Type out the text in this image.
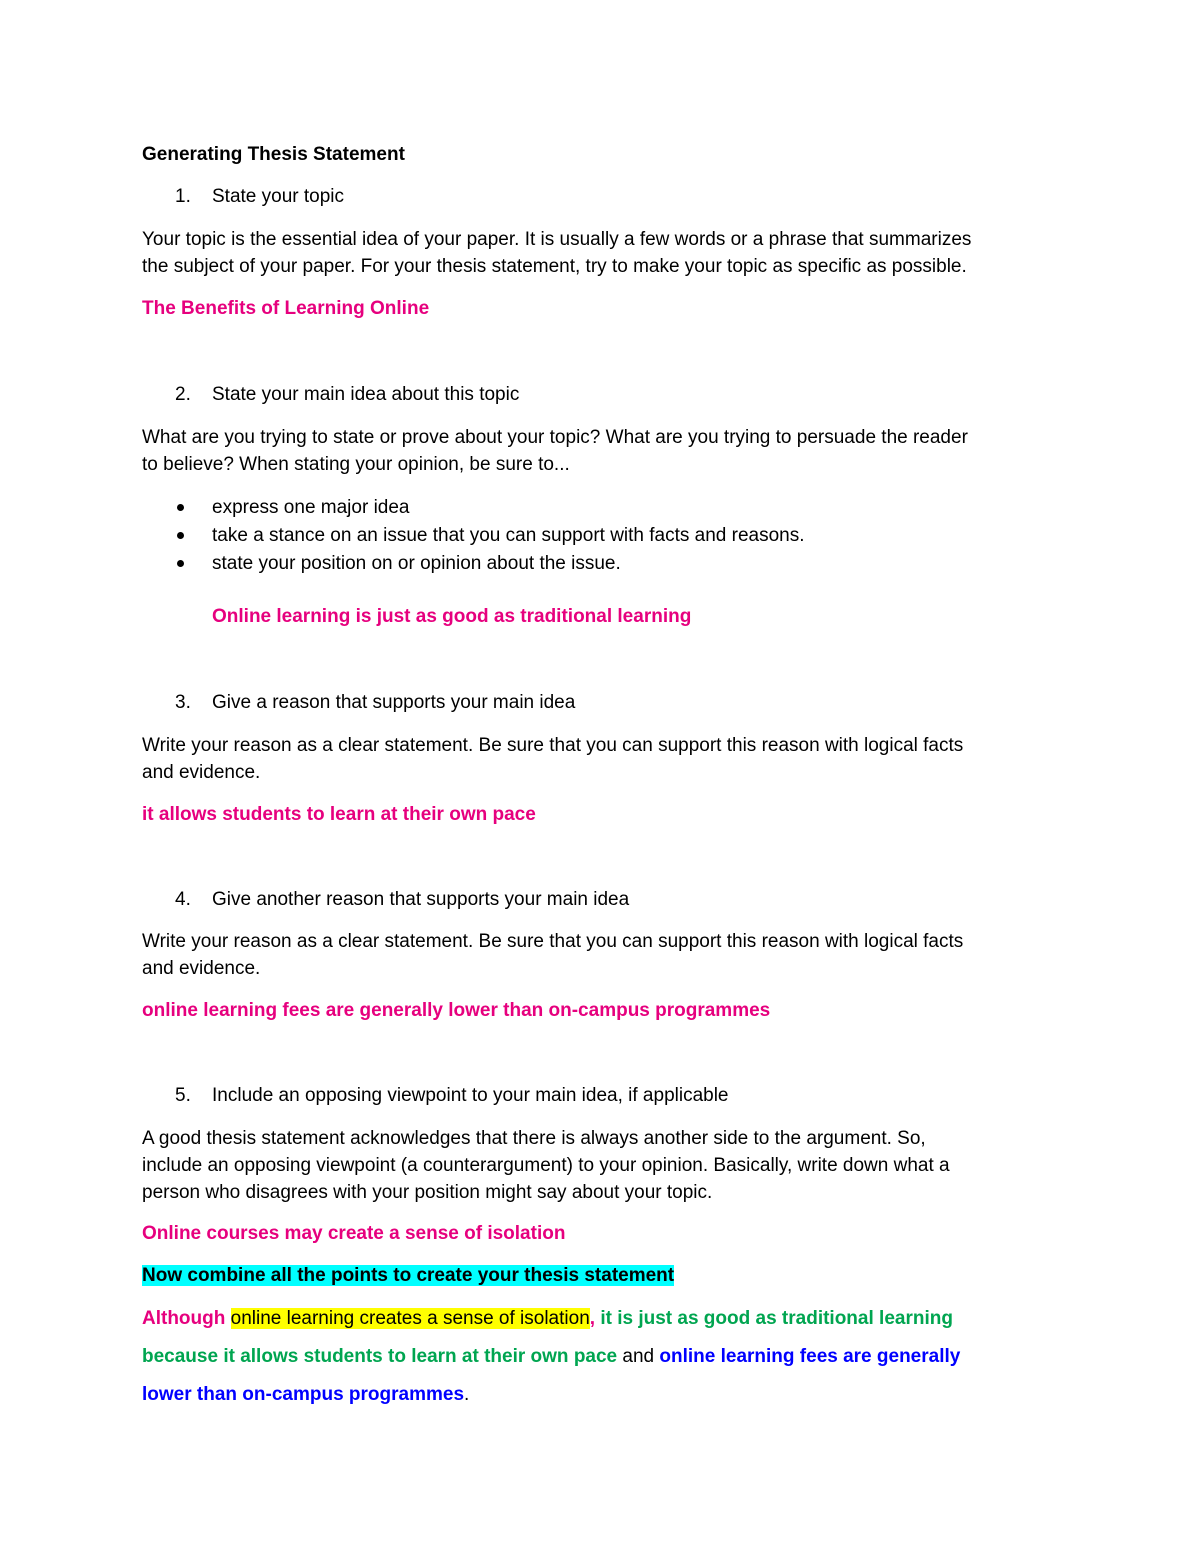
Generating Thesis Statement
1. State your topic
Your topic is the essential idea of your paper. It is usually a few words or a phrase that summarizes
the subject of your paper. For your thesis statement, try to make your topic as specific as possible.
The Benefits of Learning Online
2. State your main idea about this topic
What are you trying to state or prove about your topic? What are you trying to persuade the reader
to believe? When stating your opinion, be sure to...
express one major idea
take a stance on an issue that you can support with facts and reasons.
state your position on or opinion about the issue.
Online learning is just as good as traditional learning
3. Give a reason that supports your main idea
Write your reason as a clear statement. Be sure that you can support this reason with logical facts
and evidence.
it allows students to learn at their own pace
4. Give another reason that supports your main idea
Write your reason as a clear statement. Be sure that you can support this reason with logical facts
and evidence.
online learning fees are generally lower than on-campus programmes
5. Include an opposing viewpoint to your main idea, if applicable
A good thesis statement acknowledges that there is always another side to the argument. So,
include an opposing viewpoint (a counterargument) to your opinion. Basically, write down what a
person who disagrees with your position might say about your topic.
Online courses may create a sense of isolation
Now combine all the points to create your thesis statement
Although online learning creates a sense of isolation, it is just as good as traditional learning
because it allows students to learn at their own pace and online learning fees are generally
lower than on-campus programmes.
